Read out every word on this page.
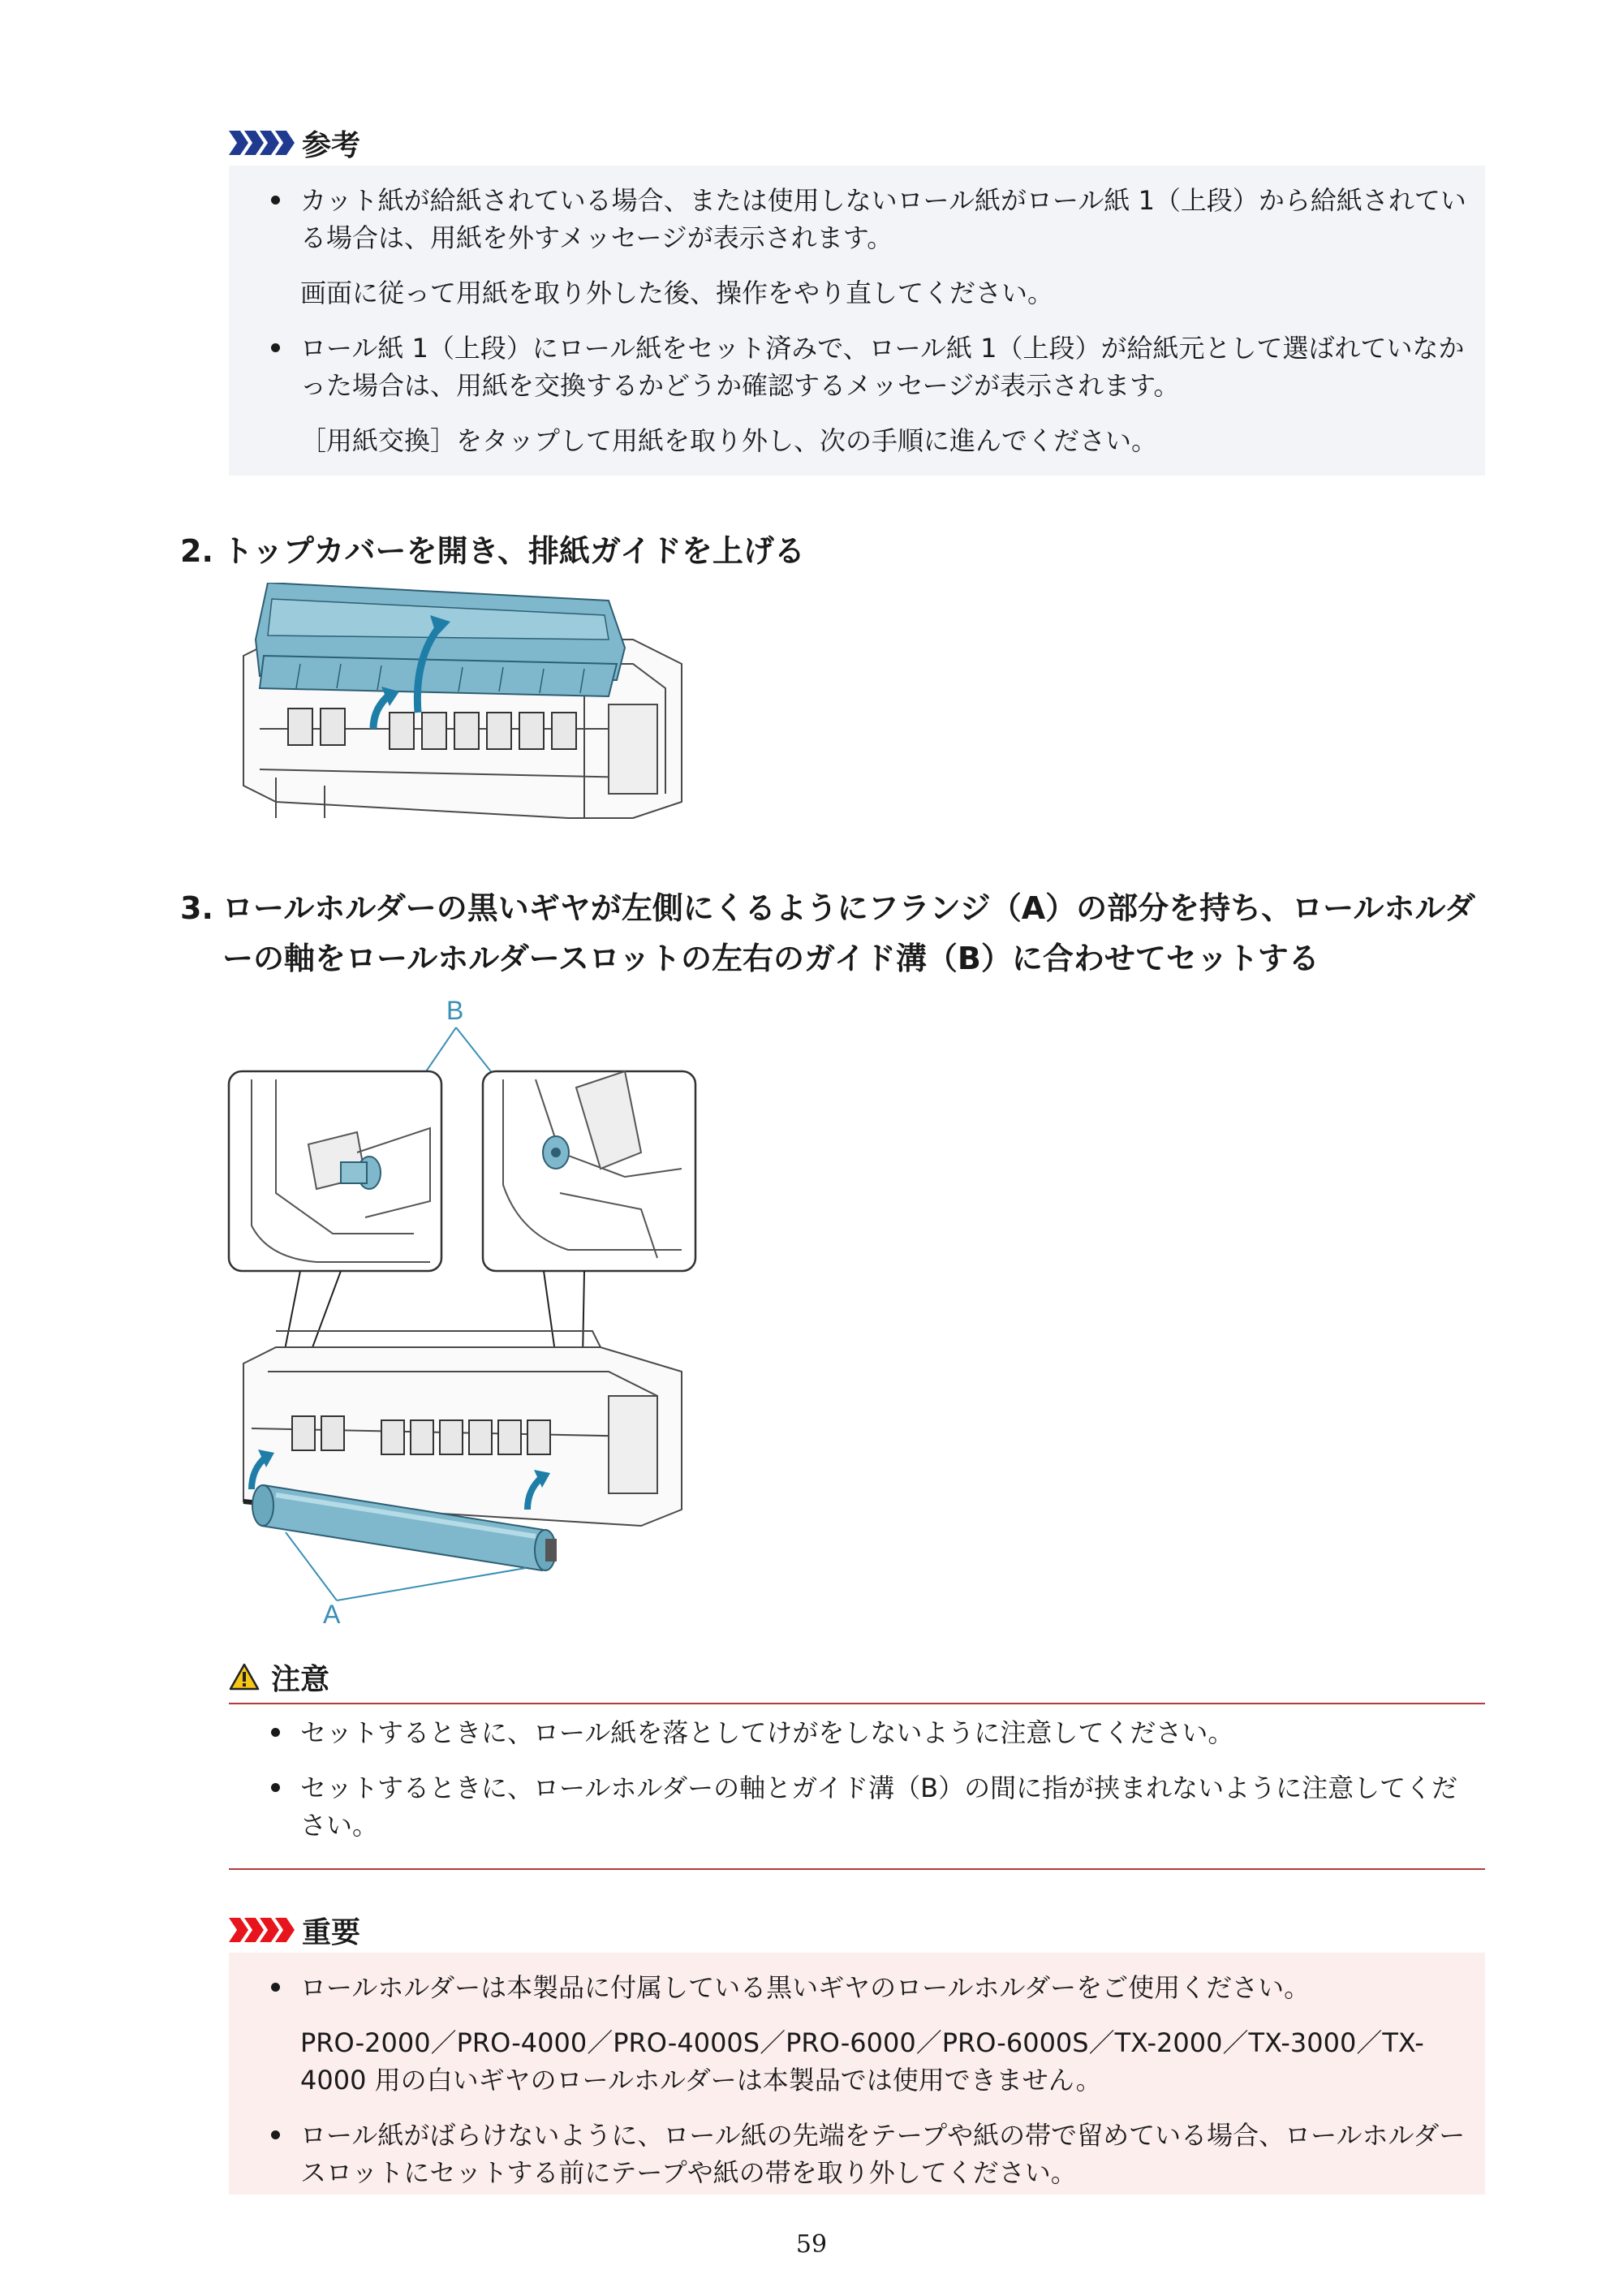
参考
カット紙が給紙されている場合、または使用しないロール紙がロール紙 1（上段）から給紙されている場合は、用紙を外すメッセージが表示されます。
画面に従って用紙を取り外した後、操作をやり直してください。
ロール紙 1（上段）にロール紙をセット済みで、ロール紙 1（上段）が給紙元として選ばれていなかった場合は、用紙を交換するかどうか確認するメッセージが表示されます。
［用紙交換］をタップして用紙を取り外し、次の手順に進んでください。
2. トップカバーを開き、排紙ガイドを上げる
3. ロールホルダーの黒いギヤが左側にくるようにフランジ（A）の部分を持ち、ロールホルダーの軸をロールホルダースロットの左右のガイド溝（B）に合わせてセットする
B
A
注意
セットするときに、ロール紙を落としてけがをしないように注意してください。
セットするときに、ロールホルダーの軸とガイド溝（B）の間に指が挟まれないように注意してください。
重要
ロールホルダーは本製品に付属している黒いギヤのロールホルダーをご使用ください。
PRO-2000／PRO-4000／PRO-4000S／PRO-6000／PRO-6000S／TX-2000／TX-3000／TX-4000 用の白いギヤのロールホルダーは本製品では使用できません。
ロール紙がばらけないように、ロール紙の先端をテープや紙の帯で留めている場合、ロールホルダースロットにセットする前にテープや紙の帯を取り外してください。
59
